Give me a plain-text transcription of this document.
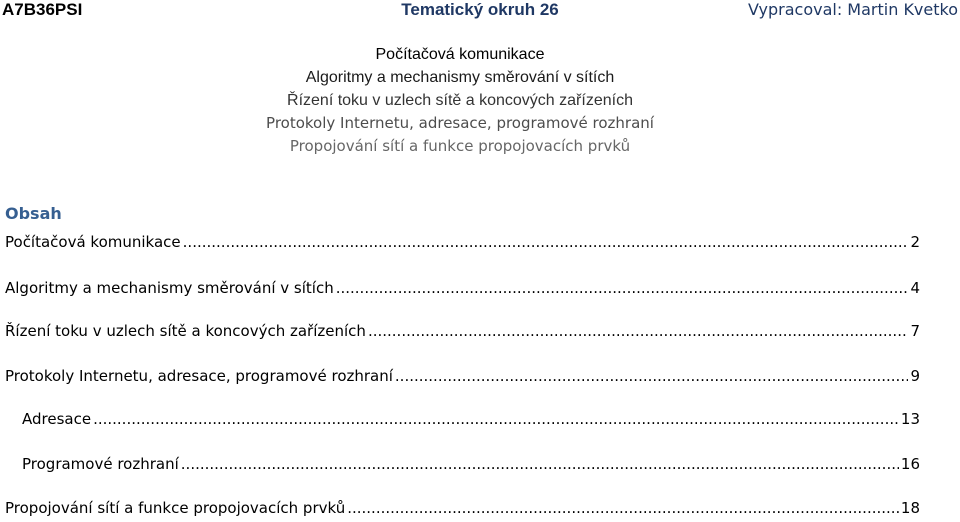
A7B36PSI	Tematický okruh 26	Vypracoval: Martin Kvetko
Počítačová komunikace
Algoritmy a mechanismy směrování v sítích
Řízení toku v uzlech sítě a koncových zařízeních
Protokoly Internetu, adresace, programové rozhraní
Propojování sítí a funkce propojovacích prvků
Obsah
Počítačová komunikace .....	2
Algoritmy a mechanismy směrování v sítích .....	4
Řízení toku v uzlech sítě a koncových zařízeních .....	7
Protokoly Internetu, adresace, programové rozhraní .....	9
Adresace .....	13
Programové rozhraní .....	16
Propojování sítí a funkce propojovacích prvků .....	18
